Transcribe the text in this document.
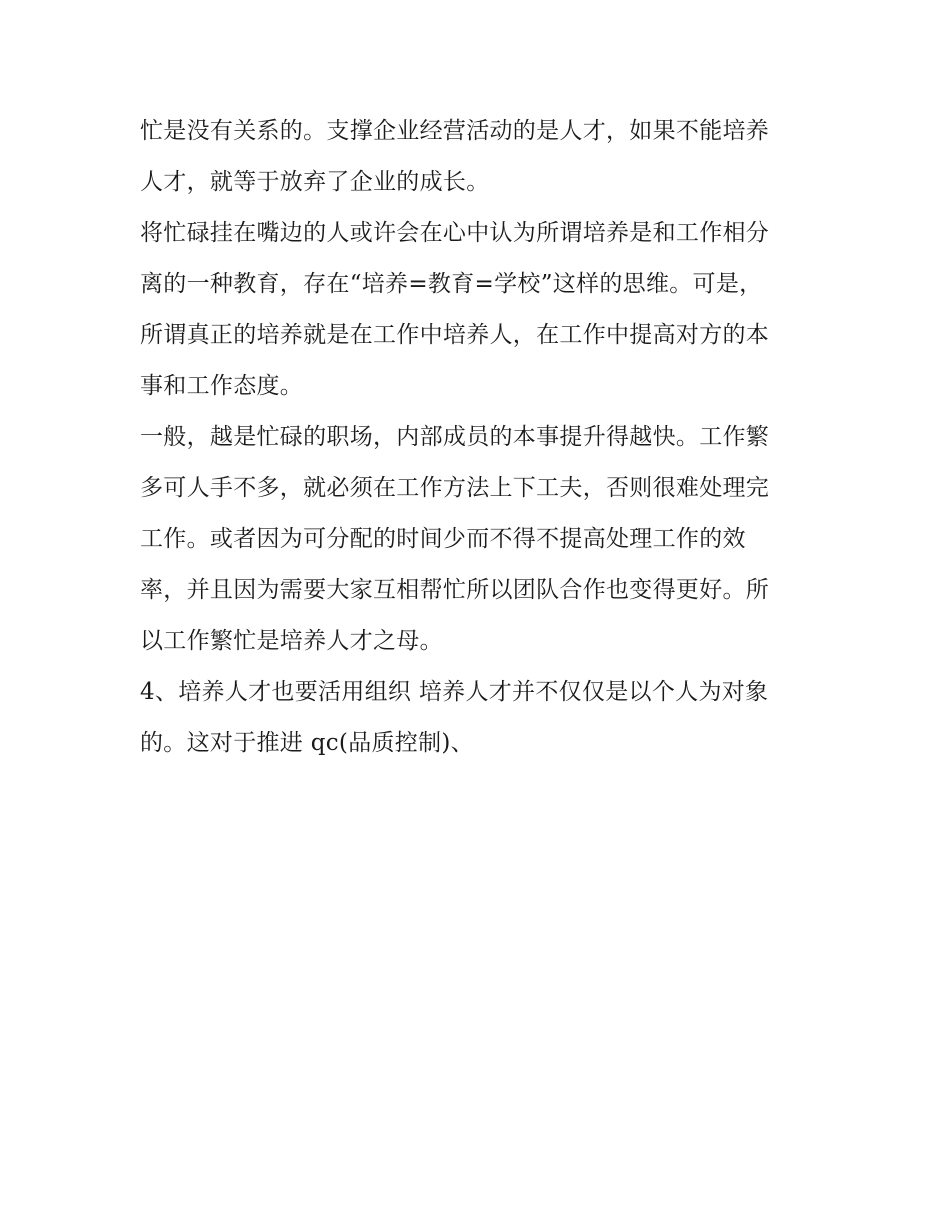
忙是没有关系的。支撑企业经营活动的是人才，如果不能培养
人才，就等于放弃了企业的成长。
将忙碌挂在嘴边的人或许会在心中认为所谓培养是和工作相分
离的一种教育，存在“培养=教育=学校”这样的思维。可是，
所谓真正的培养就是在工作中培养人，在工作中提高对方的本
事和工作态度。
一般，越是忙碌的职场，内部成员的本事提升得越快。工作繁
多可人手不多，就必须在工作方法上下工夫，否则很难处理完
工作。或者因为可分配的时间少而不得不提高处理工作的效
率，并且因为需要大家互相帮忙所以团队合作也变得更好。所
以工作繁忙是培养人才之母。
4、培养人才也要活用组织 培养人才并不仅仅是以个人为对象
的。这对于推进 qc(品质控制)、
